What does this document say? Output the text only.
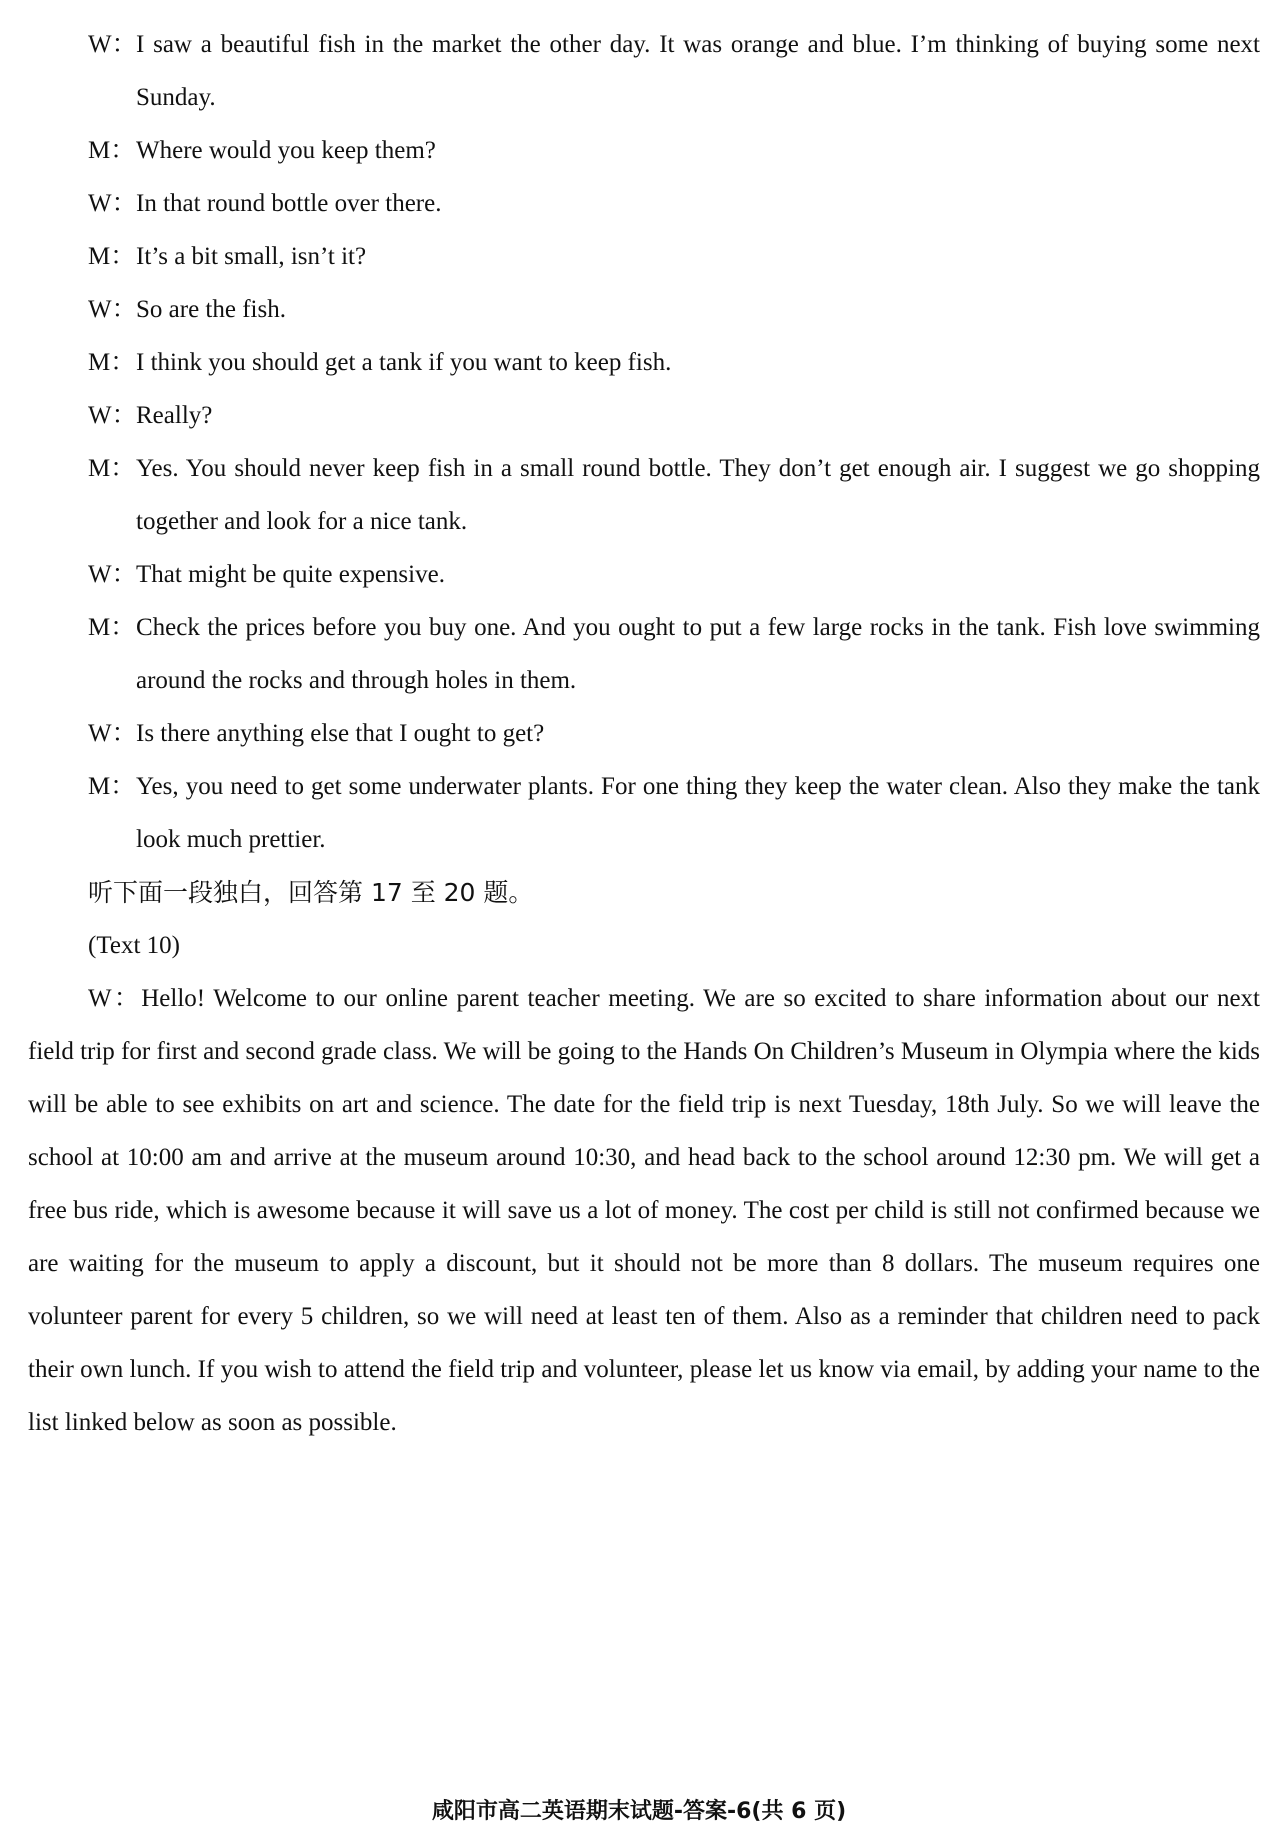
W： I saw a beautiful fish in the market the other day. It was orange and blue. I’m thinking of buying some next Sunday.
M： Where would you keep them?
W： In that round bottle over there.
M： It’s a bit small, isn’t it?
W： So are the fish.
M： I think you should get a tank if you want to keep fish.
W： Really?
M： Yes. You should never keep fish in a small round bottle. They don’t get enough air. I suggest we go shopping together and look for a nice tank.
W： That might be quite expensive.
M： Check the prices before you buy one. And you ought to put a few large rocks in the tank. Fish love swimming around the rocks and through holes in them.
W： Is there anything else that I ought to get?
M： Yes, you need to get some underwater plants. For one thing they keep the water clean. Also they make the tank look much prettier.
听下面一段独白，回答第 17 至 20 题。
(Text 10)

W：Hello! Welcome to our online parent teacher meeting. We are so excited to share information about our next field trip for first and second grade class. We will be going to the Hands On Children’s Museum in Olympia where the kids will be able to see exhibits on art and science. The date for the field trip is next Tuesday, 18th July. So we will leave the school at 10:00 am and arrive at the museum around 10:30, and head back to the school around 12:30 pm. We will get a free bus ride, which is awesome because it will save us a lot of money. The cost per child is still not confirmed because we are waiting for the museum to apply a discount, but it should not be more than 8 dollars. The museum requires one volunteer parent for every 5 children, so we will need at least ten of them. Also as a reminder that children need to pack their own lunch. If you wish to attend the field trip and volunteer, please let us know via email, by adding your name to the list linked below as soon as possible.

咸阳市高二英语期末试题-答案-6(共 6 页)
